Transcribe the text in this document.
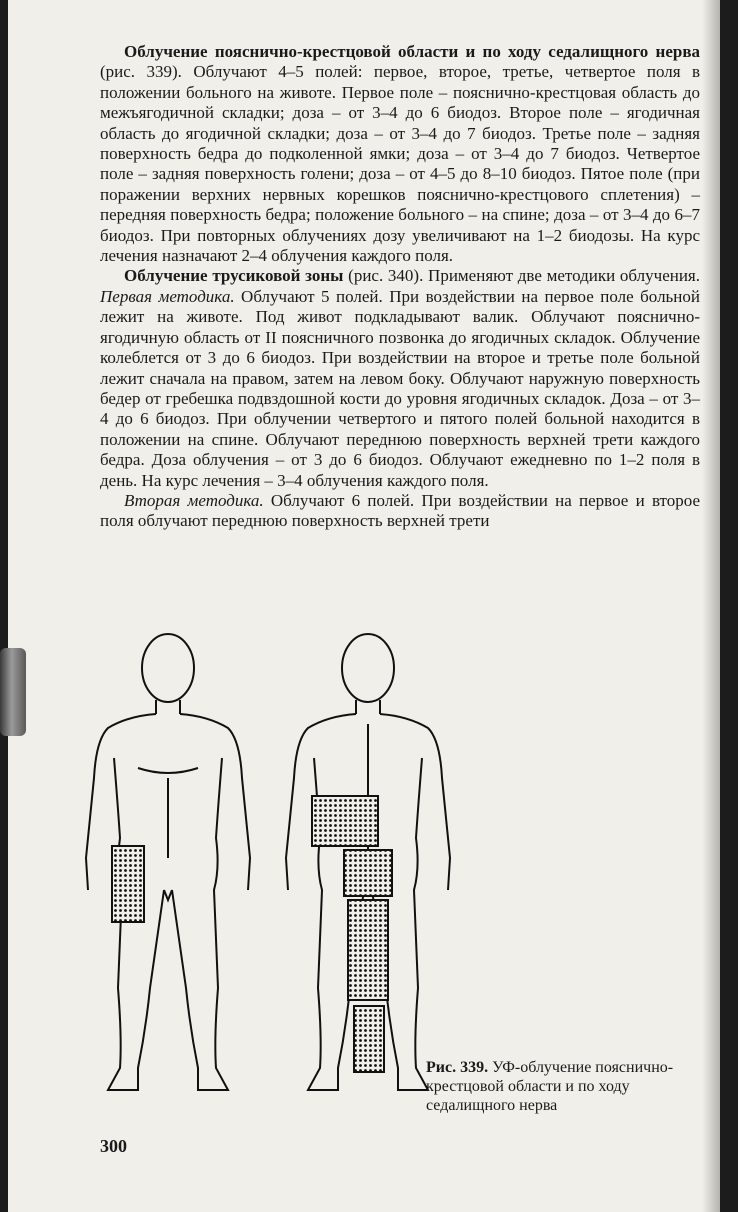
Облучение пояснично-крестцовой области и по ходу седалищного нерва (рис. 339). Облучают 4–5 полей: первое, второе, третье, четвертое поля в положении больного на животе. Первое поле – пояснично-крестцовая область до межъягодичной складки; доза – от 3–4 до 6 биодоз. Второе поле – ягодичная область до ягодичной складки; доза – от 3–4 до 7 биодоз. Третье поле – задняя поверхность бедра до подколенной ямки; доза – от 3–4 до 7 биодоз. Четвертое поле – задняя поверхность голени; доза – от 4–5 до 8–10 биодоз. Пятое поле (при поражении верхних нервных корешков пояснично-крестцового сплетения) – передняя поверхность бедра; положение больного – на спине; доза – от 3–4 до 6–7 биодоз. При повторных облучениях дозу увеличивают на 1–2 биодозы. На курс лечения назначают 2–4 облучения каждого поля.

Облучение трусиковой зоны (рис. 340). Применяют две методики облучения. Первая методика. Облучают 5 полей. При воздействии на первое поле больной лежит на животе. Под живот подкладывают валик. Облучают пояснично-ягодичную область от II поясничного позвонка до ягодичных складок. Облучение колеблется от 3 до 6 биодоз. При воздействии на второе и третье поле больной лежит сначала на правом, затем на левом боку. Облучают наружную поверхность бедер от гребешка подвздошной кости до уровня ягодичных складок. Доза – от 3–4 до 6 биодоз. При облучении четвертого и пятого полей больной находится в положении на спине. Облучают переднюю поверхность верхней трети каждого бедра. Доза облучения – от 3 до 6 биодоз. Облучают ежедневно по 1–2 поля в день. На курс лечения – 3–4 облучения каждого поля.

Вторая методика. Облучают 6 полей. При воздействии на первое и второе поля облучают переднюю поверхность верхней трети

Рис. 339. УФ-облучение пояснично-крестцовой области и по ходу седалищного нерва
300
